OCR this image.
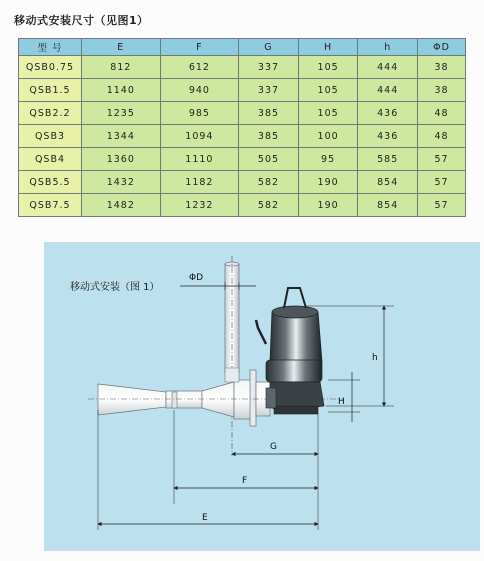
移动式安装尺寸（见图1）
型 号	E	F	G	H	h	ΦD
QSB0.75	812	612	337	105	444	38
QSB1.5	1140	940	337	105	444	38
QSB2.2	1235	985	385	105	436	48
QSB3	1344	1094	385	100	436	48
QSB4	1360	1110	505	95	585	57
QSB5.5	1432	1182	582	190	854	57
QSB7.5	1482	1232	582	190	854	57
移动式安装（图 1）
ΦD
h
H
G
F
E
